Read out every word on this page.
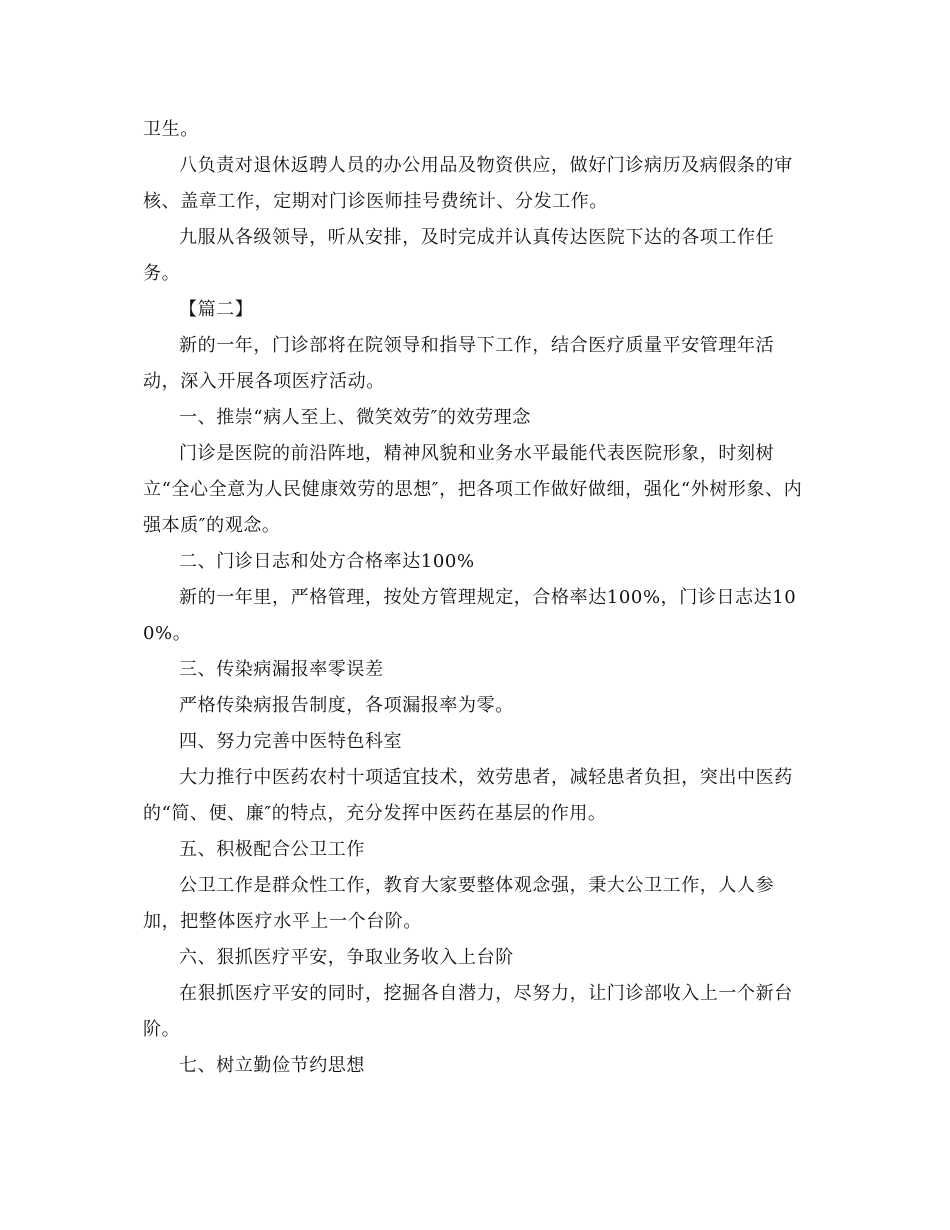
卫生。

八负责对退休返聘人员的办公用品及物资供应，做好门诊病历及病假条的审核、盖章工作，定期对门诊医师挂号费统计、分发工作。

九服从各级领导，听从安排，及时完成并认真传达医院下达的各项工作任务。

【篇二】

新的一年，门诊部将在院领导和指导下工作，结合医疗质量平安管理年活动，深入开展各项医疗活动。

一、推崇“病人至上、微笑效劳″的效劳理念

门诊是医院的前沿阵地，精神风貌和业务水平最能代表医院形象，时刻树立“全心全意为人民健康效劳的思想″，把各项工作做好做细，强化“外树形象、内强本质″的观念。

二、门诊日志和处方合格率达100%

新的一年里，严格管理，按处方管理规定，合格率达100%，门诊日志达100%。

三、传染病漏报率零误差

严格传染病报告制度，各项漏报率为零。

四、努力完善中医特色科室

大力推行中医药农村十项适宜技术，效劳患者，减轻患者负担，突出中医药的“简、便、廉″的特点，充分发挥中医药在基层的作用。

五、积极配合公卫工作

公卫工作是群众性工作，教育大家要整体观念强，秉大公卫工作，人人参加，把整体医疗水平上一个台阶。

六、狠抓医疗平安，争取业务收入上台阶

在狠抓医疗平安的同时，挖掘各自潜力，尽努力，让门诊部收入上一个新台阶。

七、树立勤俭节约思想
